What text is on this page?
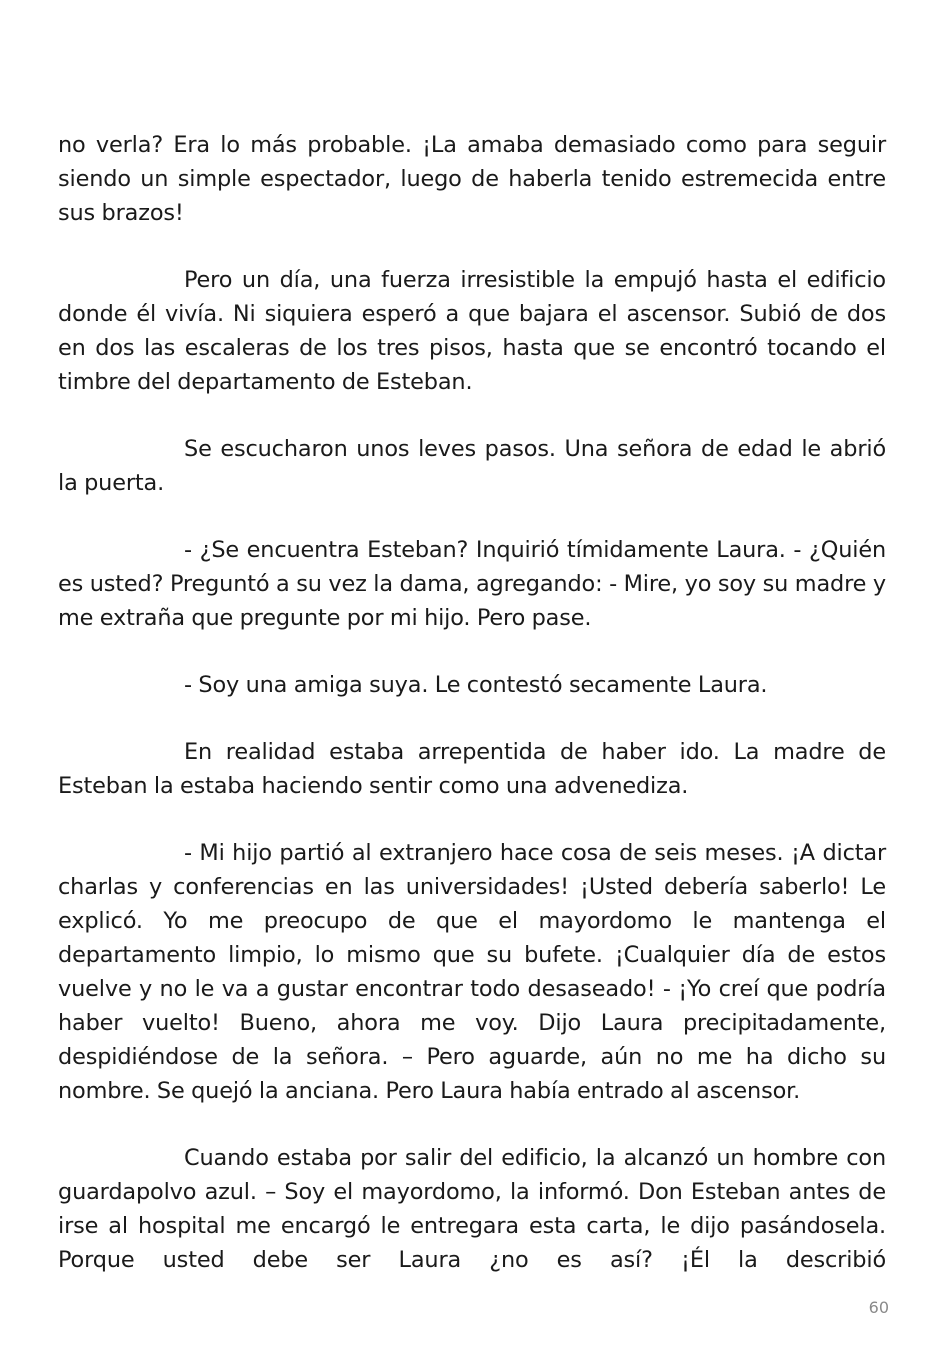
no verla? Era lo más probable. ¡La amaba demasiado como para seguir siendo un simple espectador, luego de haberla tenido estremecida entre sus brazos!

Pero un día, una fuerza irresistible la empujó hasta el edificio donde él vivía. Ni siquiera esperó a que bajara el ascensor. Subió de dos en dos las escaleras de los tres pisos, hasta que se encontró tocando el timbre del departamento de Esteban.

Se escucharon unos leves pasos. Una señora de edad le abrió la puerta.

- ¿Se encuentra Esteban? Inquirió tímidamente Laura. - ¿Quién es usted? Preguntó a su vez la dama, agregando: - Mire, yo soy su madre y me extraña que pregunte por mi hijo. Pero pase.

- Soy una amiga suya. Le contestó secamente Laura.

En realidad estaba arrepentida de haber ido. La madre de Esteban la estaba haciendo sentir como una advenediza.

- Mi hijo partió al extranjero hace cosa de seis meses. ¡A dictar charlas y conferencias en las universidades! ¡Usted debería saberlo! Le explicó. Yo me preocupo de que el mayordomo le mantenga el departamento limpio, lo mismo que su bufete. ¡Cualquier día de estos vuelve y no le va a gustar encontrar todo desaseado! - ¡Yo creí que podría haber vuelto! Bueno, ahora me voy. Dijo Laura precipitadamente, despidiéndose de la señora. – Pero aguarde, aún no me ha dicho su nombre. Se quejó la anciana. Pero Laura había entrado al ascensor.

Cuando estaba por salir del edificio, la alcanzó un hombre con guardapolvo azul. – Soy el mayordomo, la informó. Don Esteban antes de irse al hospital me encargó le entregara esta carta, le dijo pasándosela. Porque usted debe ser Laura ¿no es así? ¡Él la describió

60
